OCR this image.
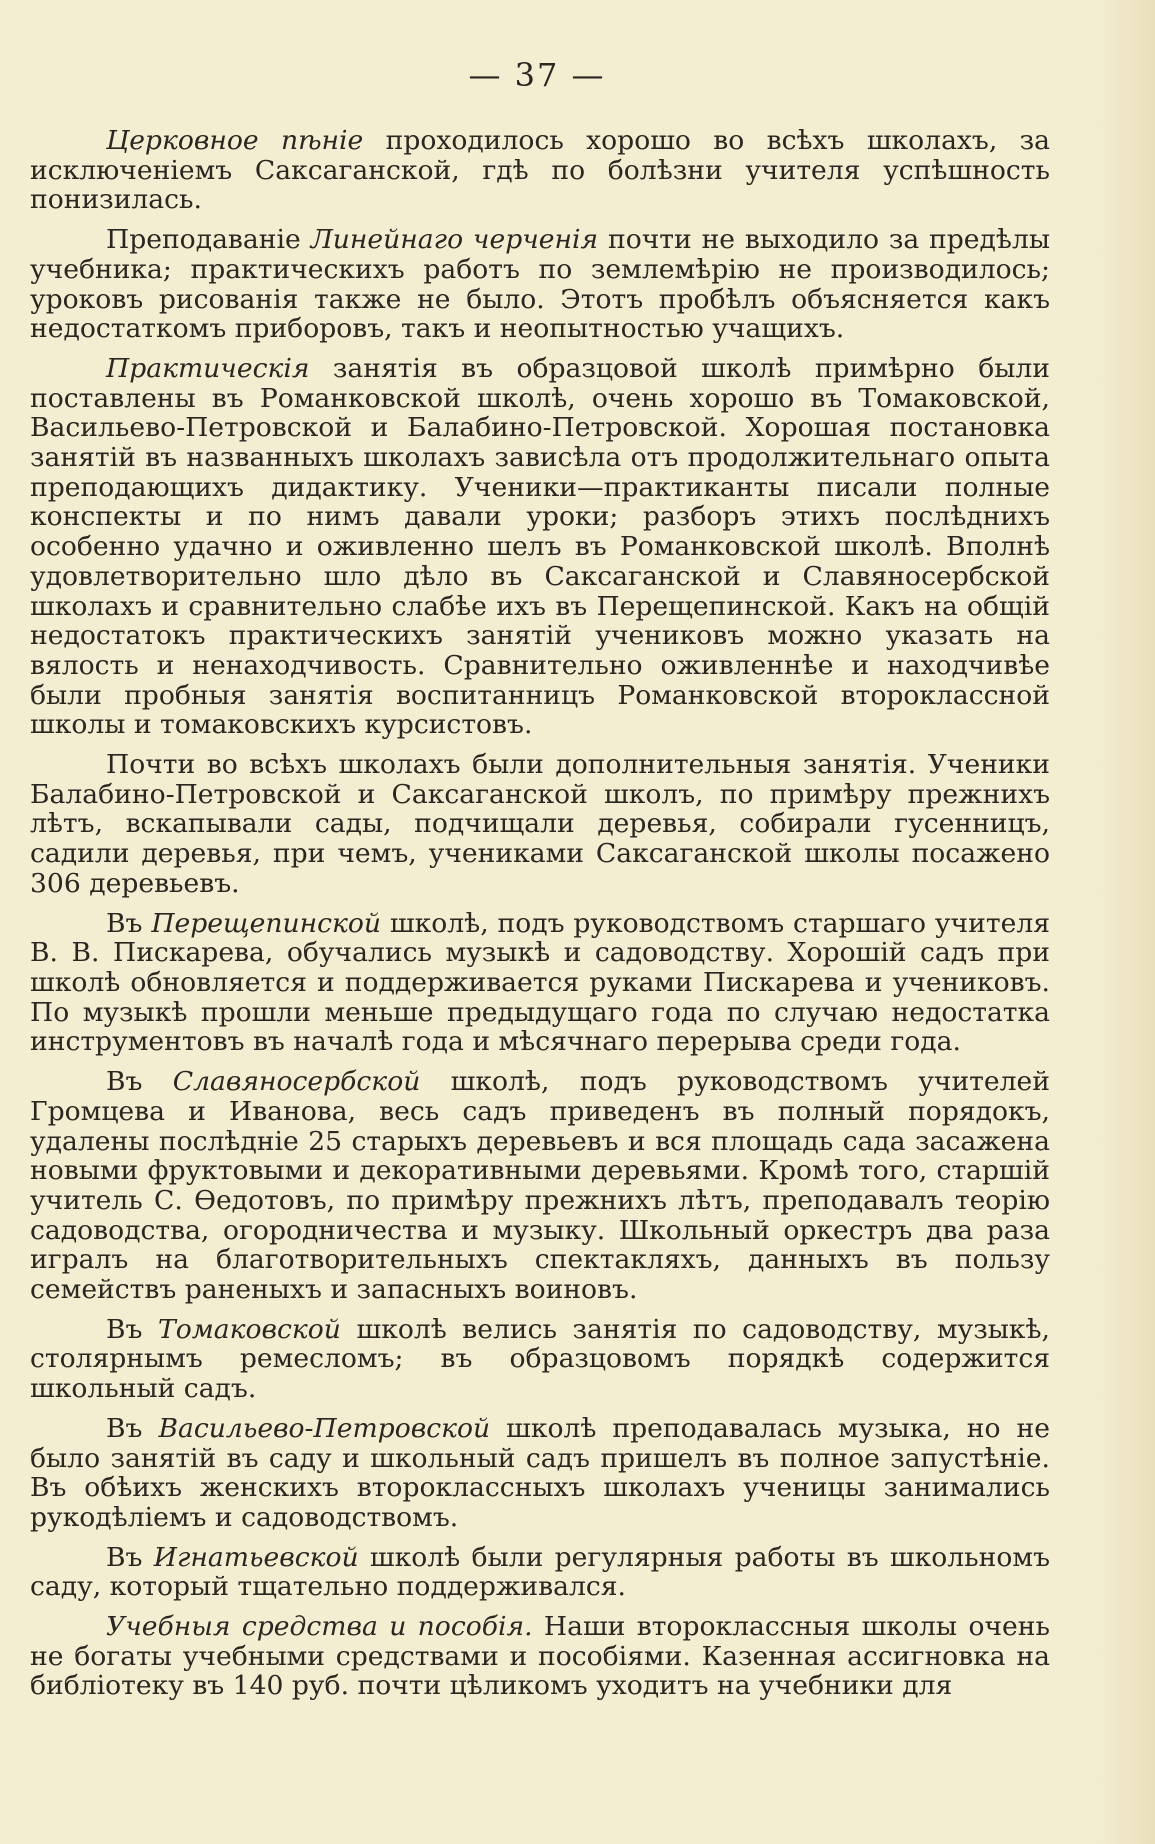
— 37 —

Церковное пѣніе проходилось хорошо во всѣхъ школахъ, за исключеніемъ Саксаганской, гдѣ по болѣзни учителя успѣшность понизилась.

Преподаваніе Линейнаго черченія почти не выходило за предѣлы учебника; практическихъ работъ по землемѣрію не производилось; уроковъ рисованія также не было. Этотъ пробѣлъ объясняется какъ недостаткомъ приборовъ, такъ и неопытностью учащихъ.

Практическія занятія въ образцовой школѣ примѣрно были поставлены въ Романковской школѣ, очень хорошо въ Томаковской, Васильево-Петровской и Балабино-Петровской. Хорошая постановка занятій въ названныхъ школахъ зависѣла отъ продолжительнаго опыта преподающихъ дидактику. Ученики—практиканты писали полные конспекты и по нимъ давали уроки; разборъ этихъ послѣднихъ особенно удачно и оживленно шелъ въ Романковской школѣ. Вполнѣ удовлетворительно шло дѣло въ Саксаганской и Славяносербской школахъ и сравнительно слабѣе ихъ въ Перещепинской. Какъ на общій недостатокъ практическихъ занятій учениковъ можно указать на вялость и ненаходчивость. Сравнительно оживленнѣе и находчивѣе были пробныя занятія воспитанницъ Романковской второклассной школы и томаковскихъ курсистовъ.

Почти во всѣхъ школахъ были дополнительныя занятія. Ученики Балабино-Петровской и Саксаганской школъ, по примѣру прежнихъ лѣтъ, вскапывали сады, подчищали деревья, собирали гусенницъ, садили деревья, при чемъ, учениками Саксаганской школы посажено 306 деревьевъ.

Въ Перещепинской школѣ, подъ руководствомъ старшаго учителя В. В. Пискарева, обучались музыкѣ и садоводству. Хорошій садъ при школѣ обновляется и поддерживается руками Пискарева и учениковъ. По музыкѣ прошли меньше предыдущаго года по случаю недостатка инструментовъ въ началѣ года и мѣсячнаго перерыва среди года.

Въ Славяносербской школѣ, подъ руководствомъ учителей Громцева и Иванова, весь садъ приведенъ въ полный порядокъ, удалены послѣдніе 25 старыхъ деревьевъ и вся площадь сада засажена новыми фруктовыми и декоративными деревьями. Кромѣ того, старшій учитель С. Ѳедотовъ, по примѣру прежнихъ лѣтъ, преподавалъ теорію садоводства, огородничества и музыку. Школьный оркестръ два раза игралъ на благотворительныхъ спектакляхъ, данныхъ въ пользу семействъ раненыхъ и запасныхъ воиновъ.

Въ Томаковской школѣ велись занятія по садоводству, музыкѣ, столярнымъ ремесломъ; въ образцовомъ порядкѣ содержится школьный садъ.

Въ Васильево-Петровской школѣ преподавалась музыка, но не было занятій въ саду и школьный садъ пришелъ въ полное запустѣніе. Въ обѣихъ женскихъ второклассныхъ школахъ ученицы занимались рукодѣліемъ и садоводствомъ.

Въ Игнатьевской школѣ были регулярныя работы въ школьномъ саду, который тщательно поддерживался.

Учебныя средства и пособія. Наши второклассныя школы очень не богаты учебными средствами и пособіями. Казенная ассигновка на библіотеку въ 140 руб. почти цѣликомъ уходитъ на учебники для
